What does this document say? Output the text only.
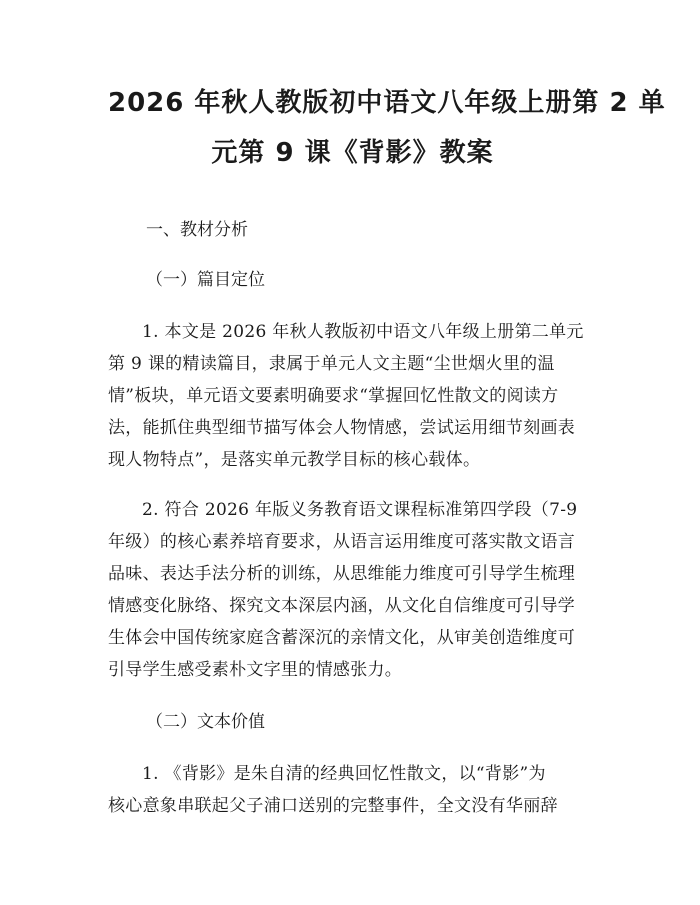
2026 年秋人教版初中语文八年级上册第 2 单
元第 9 课《背影》教案

一、教材分析

（一）篇目定位

1. 本文是 2026 年秋人教版初中语文八年级上册第二单元
第 9 课的精读篇目，隶属于单元人文主题“尘世烟火里的温
情”板块，单元语文要素明确要求“掌握回忆性散文的阅读方
法，能抓住典型细节描写体会人物情感，尝试运用细节刻画表
现人物特点”，是落实单元教学目标的核心载体。

2. 符合 2026 年版义务教育语文课程标准第四学段（7-9
年级）的核心素养培育要求，从语言运用维度可落实散文语言
品味、表达手法分析的训练，从思维能力维度可引导学生梳理
情感变化脉络、探究文本深层内涵，从文化自信维度可引导学
生体会中国传统家庭含蓄深沉的亲情文化，从审美创造维度可
引导学生感受素朴文字里的情感张力。

（二）文本价值

1. 《背影》是朱自清的经典回忆性散文，以“背影”为
核心意象串联起父子浦口送别的完整事件，全文没有华丽辞
